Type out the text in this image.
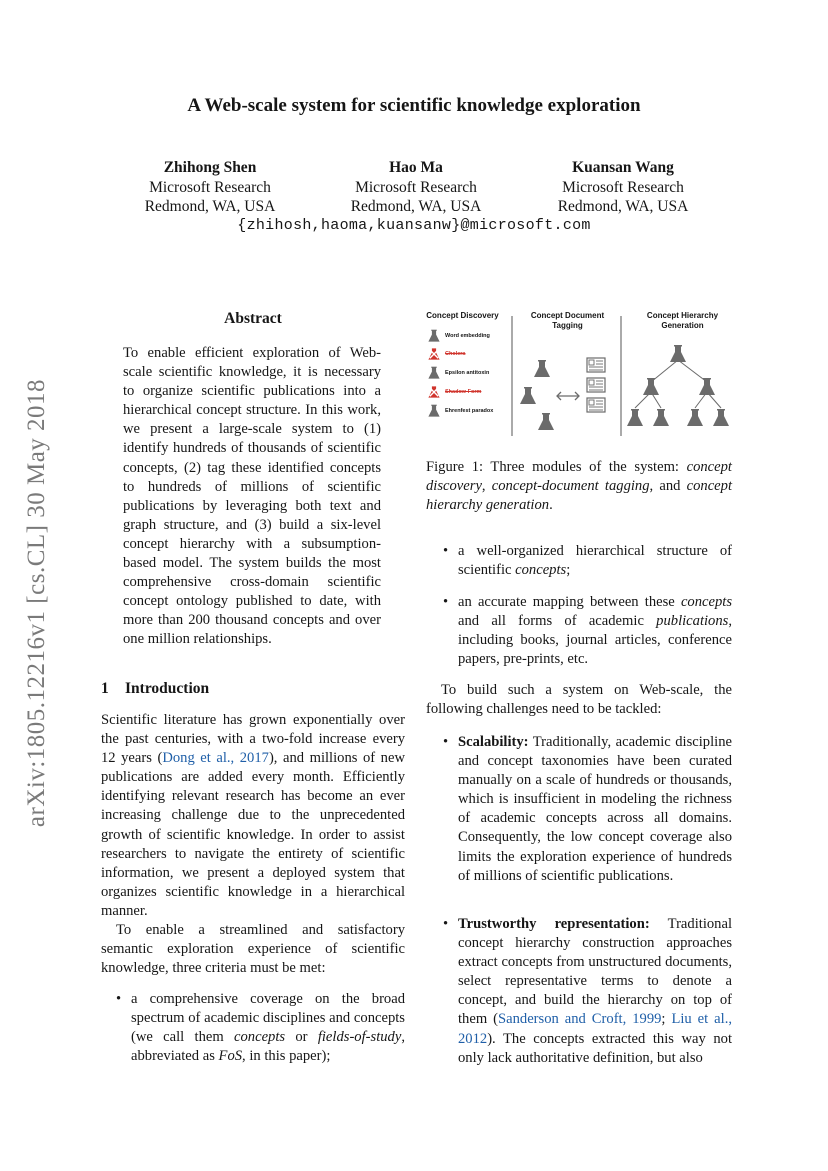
arXiv:1805.12216v1 [cs.CL] 30 May 2018
A Web-scale system for scientific knowledge exploration
Zhihong Shen
Microsoft Research
Redmond, WA, USA
Hao Ma
Microsoft Research
Redmond, WA, USA
Kuansan Wang
Microsoft Research
Redmond, WA, USA
{zhihosh,haoma,kuansanw}@microsoft.com
Abstract
To enable efficient exploration of Web-scale scientific knowledge, it is necessary to organize scientific publications into a hierarchical concept structure. In this work, we present a large-scale system to (1) identify hundreds of thousands of scientific concepts, (2) tag these identified concepts to hundreds of millions of scientific publications by leveraging both text and graph structure, and (3) build a six-level concept hierarchy with a subsumption-based model. The system builds the most comprehensive cross-domain scientific concept ontology published to date, with more than 200 thousand concepts and over one million relationships.
1 Introduction

Scientific literature has grown exponentially over the past centuries, with a two-fold increase every 12 years (Dong et al., 2017), and millions of new publications are added every month. Efficiently identifying relevant research has become an ever increasing challenge due to the unprecedented growth of scientific knowledge. In order to assist researchers to navigate the entirety of scientific information, we present a deployed system that organizes scientific knowledge in a hierarchical manner.

To enable a streamlined and satisfactory semantic exploration experience of scientific knowledge, three criteria must be met:

• a comprehensive coverage on the broad spectrum of academic disciplines and concepts (we call them concepts or fields-of-study, abbreviated as FoS, in this paper);
Concept Discovery	Concept Document Tagging
Concept Hierarchy Generation
Word embedding
Cholera
Epsilon antitoxin
Shadow Form
Ehrenfest paradox
Figure 1: Three modules of the system: concept discovery, concept-document tagging, and concept hierarchy generation.
• a well-organized hierarchical structure of scientific concepts;
• an accurate mapping between these concepts and all forms of academic publications, including books, journal articles, conference papers, pre-prints, etc.

To build such a system on Web-scale, the following challenges need to be tackled:

• Scalability: Traditionally, academic discipline and concept taxonomies have been curated manually on a scale of hundreds or thousands, which is insufficient in modeling the richness of academic concepts across all domains. Consequently, the low concept coverage also limits the exploration experience of hundreds of millions of scientific publications.
• Trustworthy representation: Traditional concept hierarchy construction approaches extract concepts from unstructured documents, select representative terms to denote a concept, and build the hierarchy on top of them (Sanderson and Croft, 1999; Liu et al., 2012). The concepts extracted this way not only lack authoritative definition, but also
